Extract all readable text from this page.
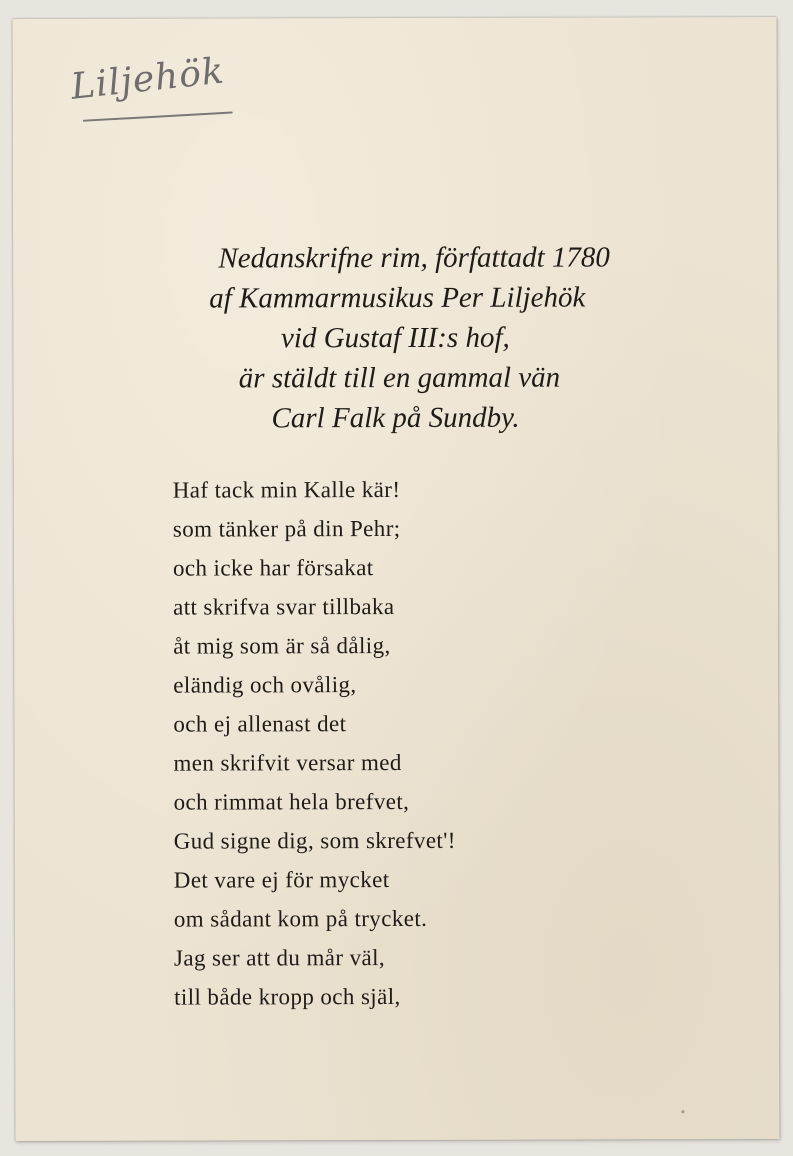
Liljehök
Nedanskrifne rim, författadt 1780
af Kammarmusikus Per Liljehök
vid Gustaf III:s hof,
är stäldt till en gammal vän
Carl Falk på Sundby.
Haf tack min Kalle kär!
som tänker på din Pehr;
och icke har försakat
att skrifva svar tillbaka
åt mig som är så dålig,
eländig och ovålig,
och ej allenast det
men skrifvit versar med
och rimmat hela brefvet,
Gud signe dig, som skrefvet'!
Det vare ej för mycket
om sådant kom på trycket.
Jag ser att du mår väl,
till både kropp och själ,
